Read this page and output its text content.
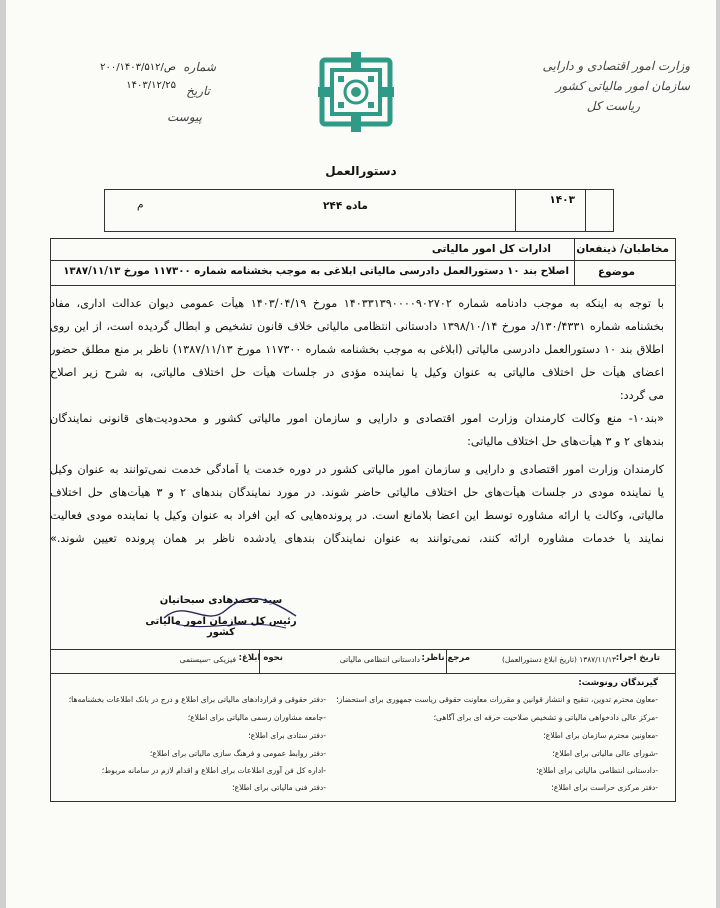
وزارت امور اقتصادی و دارایی
سازمان امور مالیاتی کشور
ریاست کل
شماره
۲۰۰/۱۴۰۳/۵۱۲/ص
تاریخ
۱۴۰۳/۱۲/۲۵
پیوست
دستورالعمل
۱۴۰۳
ماده ۲۴۴
م
مخاطبان/ ذینفعان
ادارات کل امور مالیاتی
موضوع
اصلاح بند ۱۰ دستورالعمل دادرسی مالیاتی ابلاغی به موجب بخشنامه شماره ۱۱۷۳۰۰ مورخ ۱۳۸۷/۱۱/۱۳
با توجه به اینکه به موجب دادنامه شماره ۱۴۰۳۳۱۳۹۰۰۰۰۹۰۲۷۰۲ مورخ ۱۴۰۳/۰۴/۱۹ هیأت عمومی دیوان عدالت اداری، مفاد
بخشنامه شماره ۱۳۰/۴۳۳۱/د مورخ ۱۳۹۸/۱۰/۱۴ دادستانی انتظامی مالیاتی خلاف قانون تشخیص و ابطال گردیده است، از این روی
اطلاق بند ۱۰ دستورالعمل دادرسی مالیاتی (ابلاغی به موجب بخشنامه شماره ۱۱۷۳۰۰ مورخ ۱۳۸۷/۱۱/۱۳) ناظر بر منع مطلق حضور
اعضای هیأت حل اختلاف مالیاتی به عنوان وکیل یا نماینده مؤدی در جلسات هیأت حل اختلاف مالیاتی، به شرح زیر اصلاح
می گردد:
«بند۱۰- منع وکالت کارمندان وزارت امور اقتصادی و دارایی و سازمان امور مالیاتی کشور و محدودیت‌های قانونی نمایندگان
بندهای ۲ و ۳ هیأت‌های حل اختلاف مالیاتی:
کارمندان وزارت امور اقتصادی و دارایی و سازمان امور مالیاتی کشور در دوره خدمت یا آمادگی خدمت نمی‌توانند به عنوان وکیل
یا نماینده مودی در جلسات هیأت‌های حل اختلاف مالیاتی حاضر شوند. در مورد نمایندگان بندهای ۲ و ۳ هیأت‌های حل اختلاف
مالیاتی، وکالت یا ارائه مشاوره توسط این اعضا بلامانع است. در پرونده‌هایی که این افراد به عنوان وکیل یا نماینده مودی فعالیت
نمایند یا خدمات مشاوره ارائه کنند، نمی‌توانند به عنوان نمایندگان بندهای یادشده ناظر بر همان پرونده تعیین شوند.»
سید محمدهادی سبحانیان
رئیس کل سازمان امور مالیاتی کشور
تاریخ اجرا:
۱۳۸۷/۱۱/۱۳ (تاریخ ابلاغ دستورالعمل)
مرجع ناظر:
دادستانی انتظامی مالیاتی
نحوه ابلاغ:
فیزیکی -سیستمی
گیرندگان رونوشت:
-معاون محترم تدوین، تنقیح و انتشار قوانین و مقررات معاونت حقوقی ریاست جمهوری برای استحضار؛
-مرکز عالی دادخواهی مالیاتی و تشخیص صلاحیت حرفه ای برای آگاهی؛
-معاونین محترم سازمان برای اطلاع؛
-شورای عالی مالیاتی برای اطلاع؛
-دادستانی انتظامی مالیاتی برای اطلاع؛
-دفتر مرکزی حراست برای اطلاع؛
-دفتر حقوقی و قراردادهای مالیاتی برای اطلاع و درج در بانک اطلاعات بخشنامه‌ها؛
-جامعه مشاوران رسمی مالیاتی برای اطلاع؛
-دفتر ستادی برای اطلاع؛
-دفتر روابط عمومی و فرهنگ سازی مالیاتی برای اطلاع؛
-اداره کل فن آوری اطلاعات برای اطلاع و اقدام لازم در سامانه مربوط؛
-دفتر فنی مالیاتی برای اطلاع؛
